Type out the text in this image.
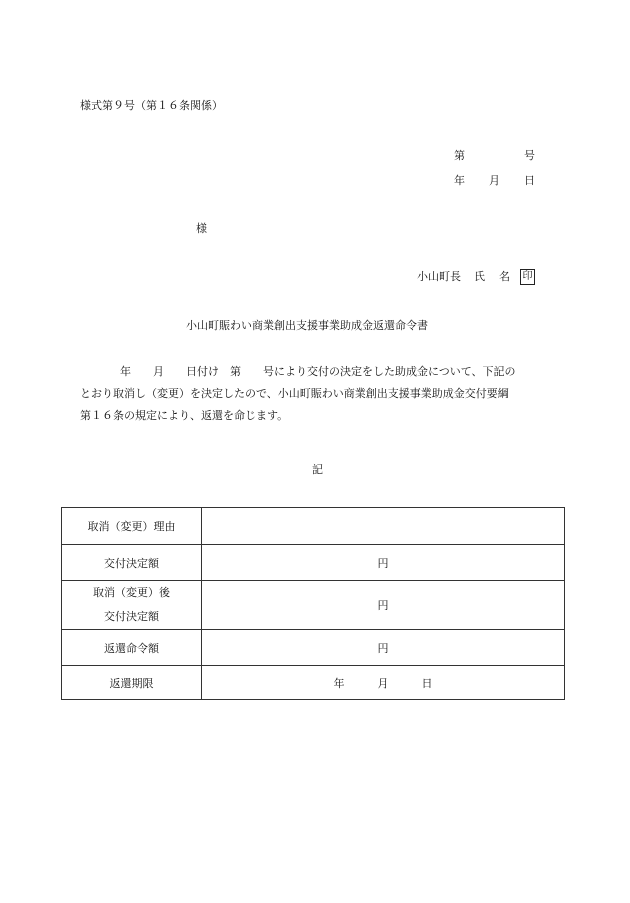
様式第９号（第１６条関係）
第	号
年 月 日
様
小山町長 氏 名 印
小山町賑わい商業創出支援事業助成金返還命令書
　　年　　月　　日付け　第　　号により交付の決定をした助成金について、下記の
とおり取消し（変更）を決定したので、小山町賑わい商業創出支援事業助成金交付要綱
第１６条の規定により、返還を命じます。
記
取消（変更）理由	
交付決定額	円

取消（変更）後
交付決定額	円
返還命令額	円
返還期限	年　　　月　　　日
